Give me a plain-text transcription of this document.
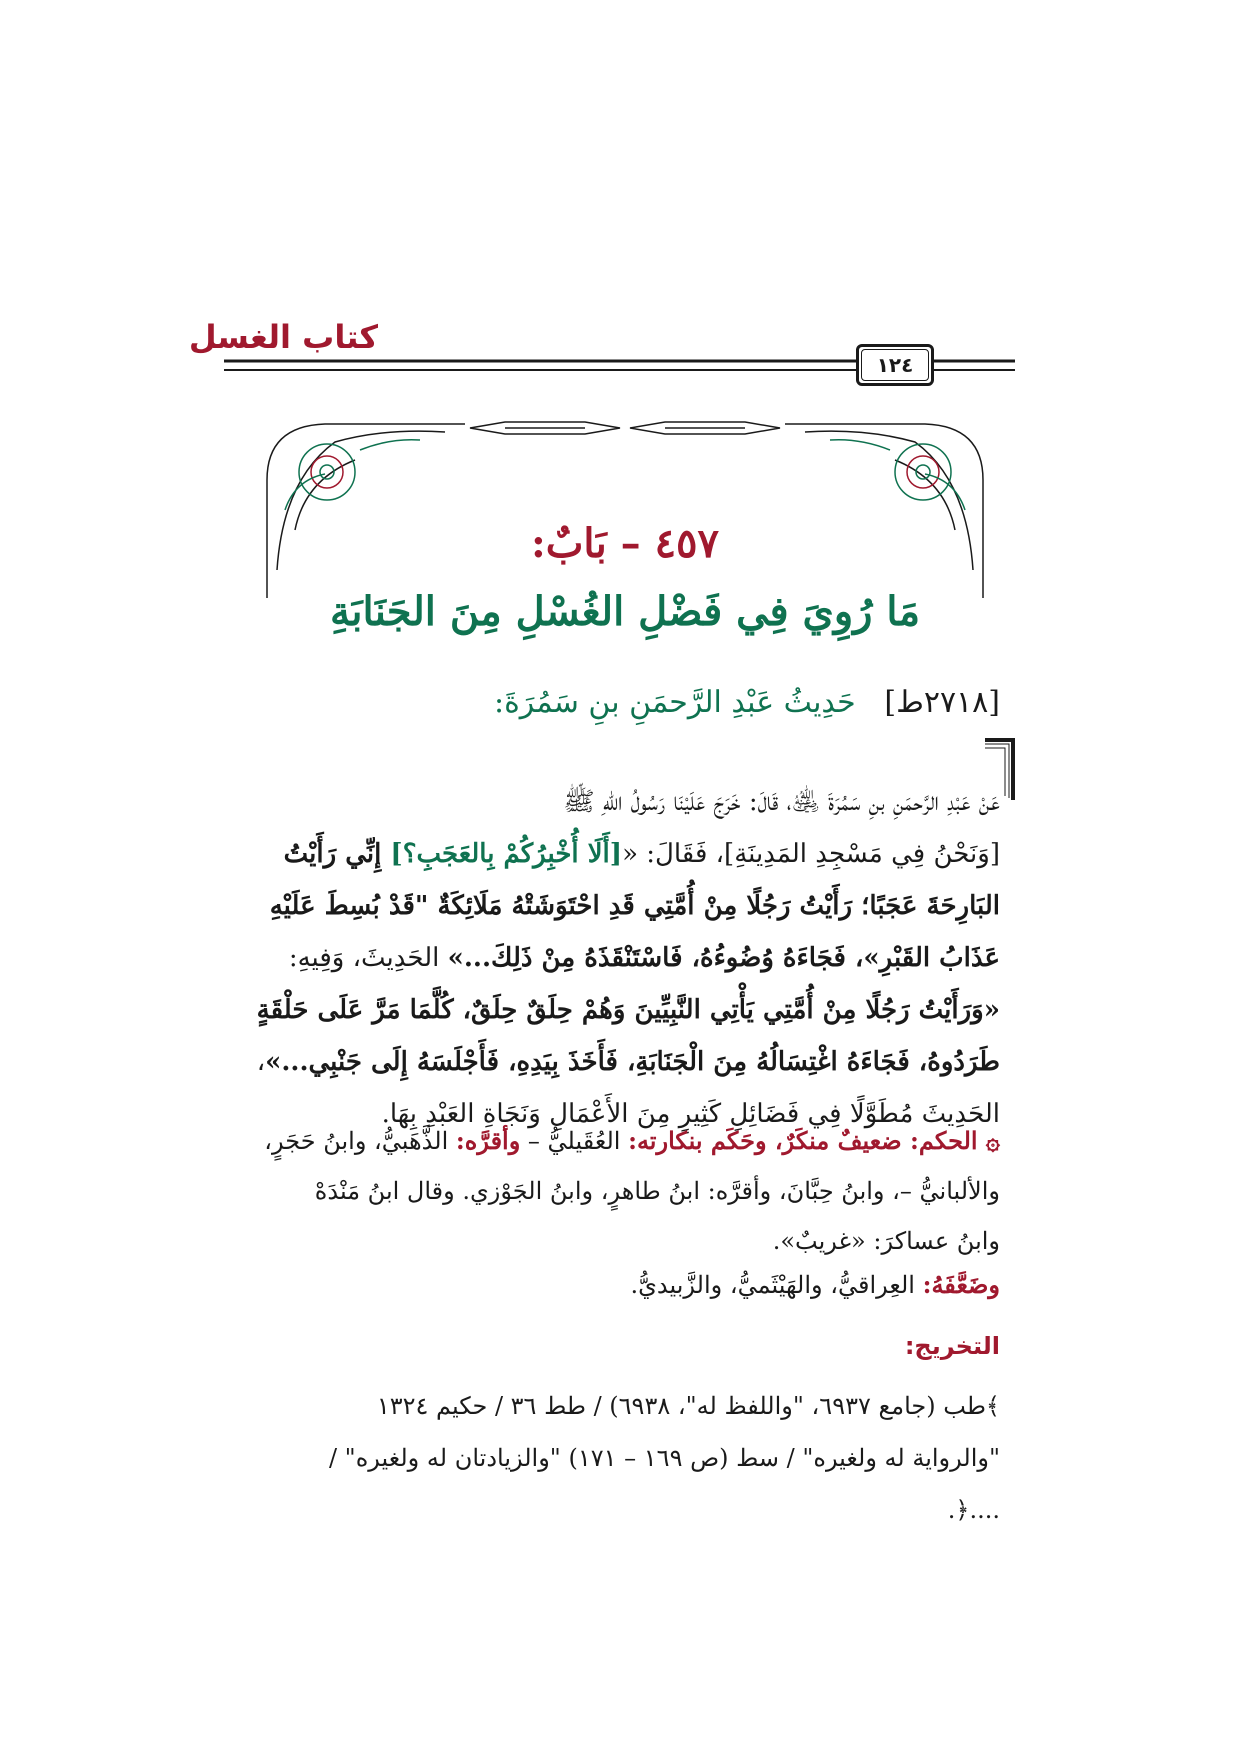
كتاب الغسل
١٢٤
٤٥٧ – بَابٌ:
مَا رُوِيَ فِي فَضْلِ الغُسْلِ مِنَ الجَنَابَةِ
[٢٧١٨ط]   حَدِيثُ عَبْدِ الرَّحمَنِ بنِ سَمُرَةَ:
عَنْ عَبْدِ الرَّحمَنِ بنِ سَمُرَةَ ﵁، قَالَ: خَرَجَ عَلَيْنَا رَسُولُ اللهِ ﷺ
[وَنَحْنُ فِي مَسْجِدِ المَدِينَةِ]، فَقَالَ: «[أَلَا أُخْبِرُكُمْ بِالعَجَبِ؟] إِنِّي رَأَيْتُ
البَارِحَةَ عَجَبًا؛ رَأَيْتُ رَجُلًا مِنْ أُمَّتِي قَدِ احْتَوَشَتْهُ مَلَائِكَةٌ "قَدْ بُسِطَ عَلَيْهِ
عَذَابُ القَبْرِ»، فَجَاءَهُ وُضُوءُهُ، فَاسْتَنْقَذَهُ مِنْ ذَلِكَ...» الحَدِيثَ، وَفِيهِ:
«وَرَأَيْتُ رَجُلًا مِنْ أُمَّتِي يَأْتِي النَّبِيِّينَ وَهُمْ حِلَقٌ حِلَقٌ، كُلَّمَا مَرَّ عَلَى حَلْقَةٍ
طَرَدُوهُ، فَجَاءَهُ اغْتِسَالُهُ مِنَ الْجَنَابَةِ، فَأَخَذَ بِيَدِهِ، فَأَجْلَسَهُ إِلَى جَنْبِي...»،
الحَدِيثَ مُطَوَّلًا فِي فَضَائِلِ كَثِيرٍ مِنَ الأَعْمَالِ وَنَجَاةِ العَبْدِ بِهَا.
۞ الحكم: ضعيفٌ منكَرٌ، وحَكَم بنكارته: العُقَيليُّ – وأقرَّه: الذَّهَبيُّ، وابنُ حَجَرٍ،
والألبانيُّ –، وابنُ حِبَّانَ، وأقرَّه: ابنُ طاهرٍ، وابنُ الجَوْزي. وقال ابنُ مَنْدَهْ
وابنُ عساكرَ: «غريبٌ».
وضَعَّفَهُ: العِراقيُّ، والهَيْثَميُّ، والزَّبيديُّ.
التخريج:
﴾طب (جامع ٦٩٣٧، "واللفظ له"، ٦٩٣٨) / طط ٣٦ / حكيم ١٣٢٤
"والرواية له ولغيره" / سط (ص ١٦٩ – ١٧١) "والزيادتان له ولغيره" /
....﴿.
